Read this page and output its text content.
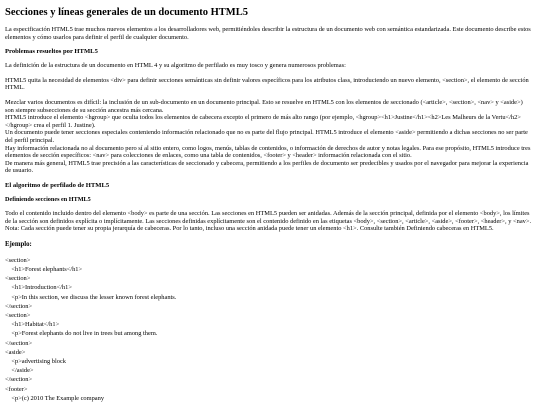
Secciones y líneas generales de un documento HTML5

La especificación HTML5 trae muchos nuevos elementos a los desarrolladores web, permitiéndoles describir la estructura de un documento web con semántica estandarizada. Este documento describe estos elementos y cómo usarlos para definir el perfil de cualquier documento.

Problemas resueltos por HTML5

La definición de la estructura de un documento en HTML 4 y su algoritmo de perfilado es muy tosco y genera numerosos problemas:

HTML5 quita la necesidad de elementos <div> para definir secciones semánticas sin definir valores específicos para los atributos class, introduciendo un nuevo elemento, <section>, el elemento de sección HTML.

Mezclar varios documentos es difícil: la inclusión de un sub-documento en un documento principal. Esto se resuelve en HTML5 con los elementos de seccionado (<article>, <section>, <nav> y <aside>) son siempre subsecciones de su sección ancestra más cercana.
HTML5 introduce el elemento <hgroup> que oculta todos los elementos de cabecera excepto el primero de más alto rango (por ejemplo, <hgroup><h1>Justine</h1><h2>Les Malheurs de la Vertu</h2></hgroup> crea el perfil 1. Justine).
Un documento puede tener secciones especiales conteniendo información relacionado que no es parte del flujo principal. HTML5 introduce el elemento <aside> permitiendo a dichas secciones no ser parte del perfil principal.
Hay información relacionada no al documento pero sí al sitio entero, como logos, menús, tablas de contenidos, o información de derechos de autor y notas legales. Para ese propósito, HTML5 introduce tres elementos de sección específicos: <nav> para colecciones de enlaces, como una tabla de contenidos, <footer> y <header> información relacionada con el sitio.
De manera más general, HTML5 trae precisión a las características de seccionado y cabecera, permitiendo a los perfiles de documento ser predecibles y usados por el navegador para mejorar la experiencia de usuario.

El algoritmo de perfilado de HTML5
Definiendo secciones en HTML5

Todo el contenido incluido dentro del elemento <body> es parte de una sección. Las secciones en HTML5 pueden ser anidadas. Además de la sección principal, definida por el elemento <body>, los límites de la sección son definidos explícita o implícitamente. Las secciones definidas explícitamente son el contenido definido en las etiquetas <body>, <section>, <article>, <aside>, <footer>, <header>, y <nav>. Nota: Cada sección puede tener su propia jerarquía de cabeceras. Por lo tanto, incluso una sección anidada puede tener un elemento <h1>. Consulte también Definiendo cabeceras en HTML5.

Ejemplo:
<section>
<h1>Forest elephants</h1>
<section>
<h1>Introduction</h1>
<p>In this section, we discuss the lesser known forest elephants.
</section>
<section>
<h1>Habitat</h1>
<p>Forest elephants do not live in trees but among them.
</section>
<aside>
<p>advertising block
</aside>
</section>
<footer>
<p>(c) 2010 The Example company
